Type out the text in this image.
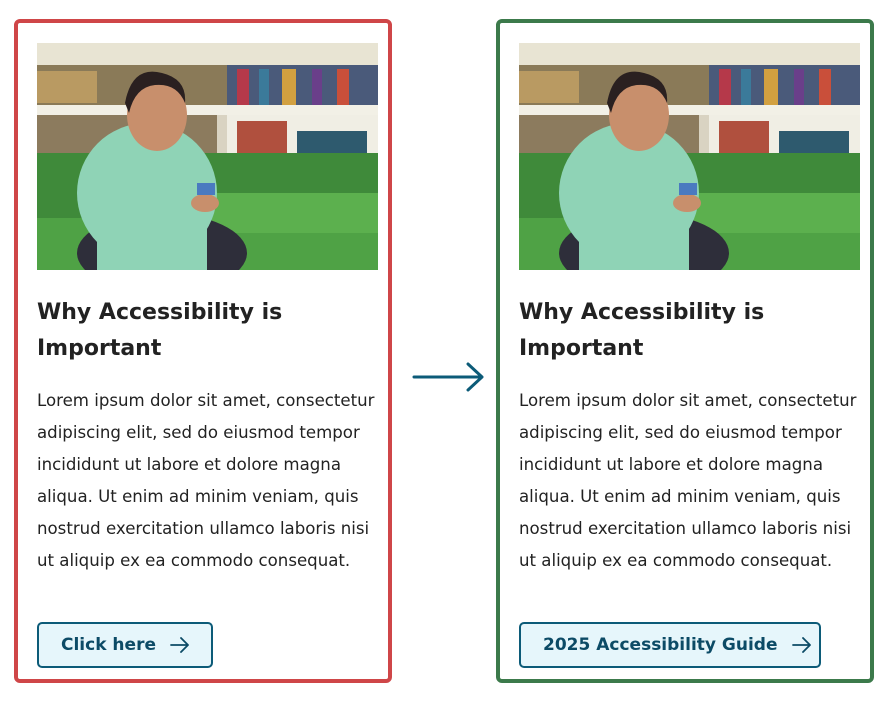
Why Accessibility is Important

Lorem ipsum dolor sit amet, consectetur adipiscing elit, sed do eiusmod tempor incididunt ut labore et dolore magna aliqua. Ut enim ad minim veniam, quis nostrud exercitation ullamco laboris nisi ut aliquip ex ea commodo consequat.

Click here
Why Accessibility is Important

Lorem ipsum dolor sit amet, consectetur adipiscing elit, sed do eiusmod tempor incididunt ut labore et dolore magna aliqua. Ut enim ad minim veniam, quis nostrud exercitation ullamco laboris nisi ut aliquip ex ea commodo consequat.

2025 Accessibility Guide
